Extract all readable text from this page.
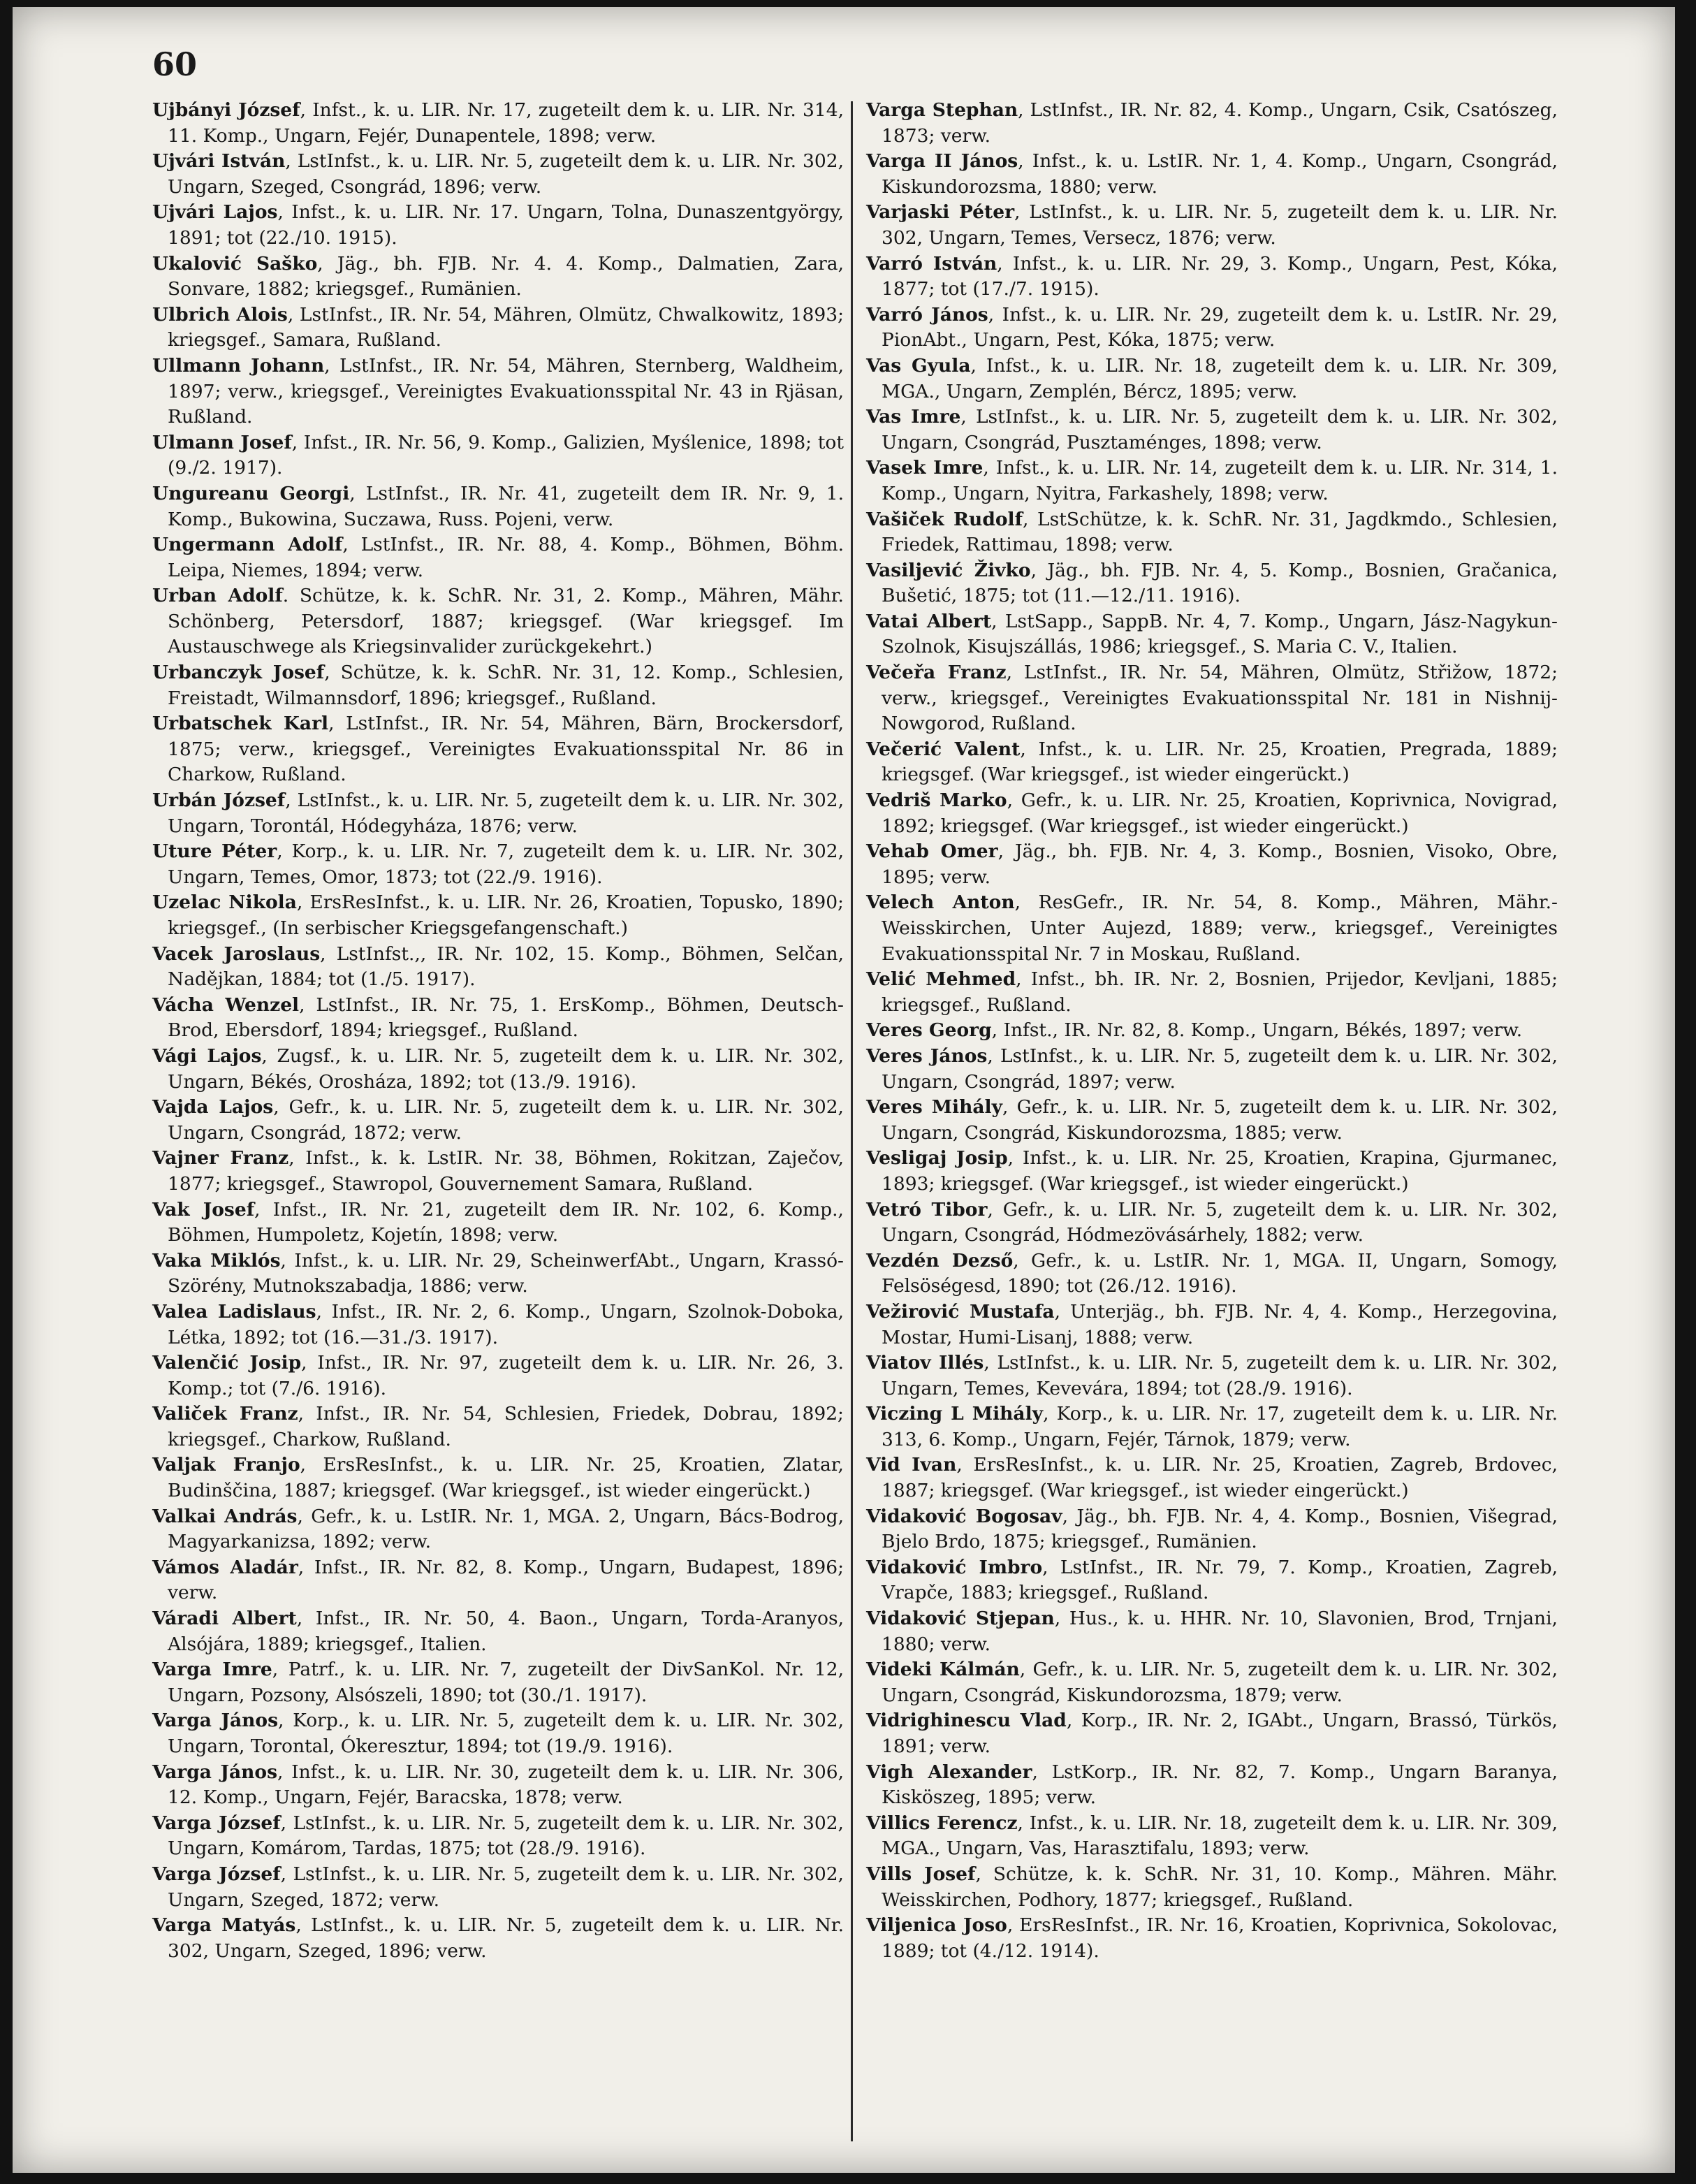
60

Ujbányi József, Infst., k. u. LIR. Nr. 17, zugeteilt dem k. u. LIR. Nr. 314, 11. Komp., Ungarn, Fejér, Dunapentele, 1898; verw.

Ujvári István, LstInfst., k. u. LIR. Nr. 5, zugeteilt dem k. u. LIR. Nr. 302, Ungarn, Szeged, Csongrád, 1896; verw.

Ujvári Lajos, Infst., k. u. LIR. Nr. 17. Ungarn, Tolna, Dunaszentgyörgy, 1891; tot (22./10. 1915).

Ukalović Saško, Jäg., bh. FJB. Nr. 4. 4. Komp., Dalmatien, Zara, Sonvare, 1882; kriegsgef., Rumänien.

Ulbrich Alois, LstInfst., IR. Nr. 54, Mähren, Olmütz, Chwalkowitz, 1893; kriegsgef., Samara, Rußland.

Ullmann Johann, LstInfst., IR. Nr. 54, Mähren, Sternberg, Waldheim, 1897; verw., kriegsgef., Vereinigtes Evakuationsspital Nr. 43 in Rjäsan, Rußland.

Ulmann Josef, Infst., IR. Nr. 56, 9. Komp., Galizien, Myślenice, 1898; tot (9./2. 1917).

Ungureanu Georgi, LstInfst., IR. Nr. 41, zugeteilt dem IR. Nr. 9, 1. Komp., Bukowina, Suczawa, Russ. Pojeni, verw.

Ungermann Adolf, LstInfst., IR. Nr. 88, 4. Komp., Böhmen, Böhm. Leipa, Niemes, 1894; verw.

Urban Adolf. Schütze, k. k. SchR. Nr. 31, 2. Komp., Mähren, Mähr. Schönberg, Petersdorf, 1887; kriegsgef. (War kriegsgef. Im Austauschwege als Kriegsinvalider zurückgekehrt.)

Urbanczyk Josef, Schütze, k. k. SchR. Nr. 31, 12. Komp., Schlesien, Freistadt, Wilmannsdorf, 1896; kriegsgef., Rußland.

Urbatschek Karl, LstInfst., IR. Nr. 54, Mähren, Bärn, Brockersdorf, 1875; verw., kriegsgef., Vereinigtes Evakuationsspital Nr. 86 in Charkow, Rußland.

Urbán József, LstInfst., k. u. LIR. Nr. 5, zugeteilt dem k. u. LIR. Nr. 302, Ungarn, Torontál, Hódegyháza, 1876; verw.

Uture Péter, Korp., k. u. LIR. Nr. 7, zugeteilt dem k. u. LIR. Nr. 302, Ungarn, Temes, Omor, 1873; tot (22./9. 1916).

Uzelac Nikola, ErsResInfst., k. u. LIR. Nr. 26, Kroatien, Topusko, 1890; kriegsgef., (In serbischer Kriegsgefangenschaft.)

Vacek Jaroslaus, LstInfst.,, IR. Nr. 102, 15. Komp., Böhmen, Selčan, Nadějkan, 1884; tot (1./5. 1917).

Vácha Wenzel, LstInfst., IR. Nr. 75, 1. ErsKomp., Böhmen, Deutsch-Brod, Ebersdorf, 1894; kriegsgef., Rußland.

Vági Lajos, Zugsf., k. u. LIR. Nr. 5, zugeteilt dem k. u. LIR. Nr. 302, Ungarn, Békés, Orosháza, 1892; tot (13./9. 1916).

Vajda Lajos, Gefr., k. u. LIR. Nr. 5, zugeteilt dem k. u. LIR. Nr. 302, Ungarn, Csongrád, 1872; verw.

Vajner Franz, Infst., k. k. LstIR. Nr. 38, Böhmen, Rokitzan, Zaječov, 1877; kriegsgef., Stawropol, Gouvernement Samara, Rußland.

Vak Josef, Infst., IR. Nr. 21, zugeteilt dem IR. Nr. 102, 6. Komp., Böhmen, Humpoletz, Kojetín, 1898; verw.

Vaka Miklós, Infst., k. u. LIR. Nr. 29, ScheinwerfAbt., Ungarn, Krassó-Szörény, Mutnokszabadja, 1886; verw.

Valea Ladislaus, Infst., IR. Nr. 2, 6. Komp., Ungarn, Szolnok-Doboka, Létka, 1892; tot (16.—31./3. 1917).

Valenčić Josip, Infst., IR. Nr. 97, zugeteilt dem k. u. LIR. Nr. 26, 3. Komp.; tot (7./6. 1916).

Valiček Franz, Infst., IR. Nr. 54, Schlesien, Friedek, Dobrau, 1892; kriegsgef., Charkow, Rußland.

Valjak Franjo, ErsResInfst., k. u. LIR. Nr. 25, Kroatien, Zlatar, Budinščina, 1887; kriegsgef. (War kriegsgef., ist wieder eingerückt.)

Valkai András, Gefr., k. u. LstIR. Nr. 1, MGA. 2, Ungarn, Bács-Bodrog, Magyarkanizsa, 1892; verw.

Vámos Aladár, Infst., IR. Nr. 82, 8. Komp., Ungarn, Budapest, 1896; verw.

Váradi Albert, Infst., IR. Nr. 50, 4. Baon., Ungarn, Torda-Aranyos, Alsójára, 1889; kriegsgef., Italien.

Varga Imre, Patrf., k. u. LIR. Nr. 7, zugeteilt der DivSanKol. Nr. 12, Ungarn, Pozsony, Alsószeli, 1890; tot (30./1. 1917).

Varga János, Korp., k. u. LIR. Nr. 5, zugeteilt dem k. u. LIR. Nr. 302, Ungarn, Torontal, Ókeresztur, 1894; tot (19./9. 1916).

Varga János, Infst., k. u. LIR. Nr. 30, zugeteilt dem k. u. LIR. Nr. 306, 12. Komp., Ungarn, Fejér, Baracska, 1878; verw.

Varga József, LstInfst., k. u. LIR. Nr. 5, zugeteilt dem k. u. LIR. Nr. 302, Ungarn, Komárom, Tardas, 1875; tot (28./9. 1916).

Varga József, LstInfst., k. u. LIR. Nr. 5, zugeteilt dem k. u. LIR. Nr. 302, Ungarn, Szeged, 1872; verw.

Varga Matyás, LstInfst., k. u. LIR. Nr. 5, zugeteilt dem k. u. LIR. Nr. 302, Ungarn, Szeged, 1896; verw.

Varga Stephan, LstInfst., IR. Nr. 82, 4. Komp., Ungarn, Csik, Csatószeg, 1873; verw.

Varga II János, Infst., k. u. LstIR. Nr. 1, 4. Komp., Ungarn, Csongrád, Kiskundorozsma, 1880; verw.

Varjaski Péter, LstInfst., k. u. LIR. Nr. 5, zugeteilt dem k. u. LIR. Nr. 302, Ungarn, Temes, Versecz, 1876; verw.

Varró István, Infst., k. u. LIR. Nr. 29, 3. Komp., Ungarn, Pest, Kóka, 1877; tot (17./7. 1915).

Varró János, Infst., k. u. LIR. Nr. 29, zugeteilt dem k. u. LstIR. Nr. 29, PionAbt., Ungarn, Pest, Kóka, 1875; verw.

Vas Gyula, Infst., k. u. LIR. Nr. 18, zugeteilt dem k. u. LIR. Nr. 309, MGA., Ungarn, Zemplén, Bércz, 1895; verw.

Vas Imre, LstInfst., k. u. LIR. Nr. 5, zugeteilt dem k. u. LIR. Nr. 302, Ungarn, Csongrád, Pusztaménges, 1898; verw.

Vasek Imre, Infst., k. u. LIR. Nr. 14, zugeteilt dem k. u. LIR. Nr. 314, 1. Komp., Ungarn, Nyitra, Farkashely, 1898; verw.

Vašiček Rudolf, LstSchütze, k. k. SchR. Nr. 31, Jagdkmdo., Schlesien, Friedek, Rattimau, 1898; verw.

Vasiljević Živko, Jäg., bh. FJB. Nr. 4, 5. Komp., Bosnien, Gračanica, Bušetić, 1875; tot (11.—12./11. 1916).

Vatai Albert, LstSapp., SappB. Nr. 4, 7. Komp., Ungarn, Jász-Nagykun-Szolnok, Kisujszállás, 1986; kriegsgef., S. Maria C. V., Italien.

Večeřa Franz, LstInfst., IR. Nr. 54, Mähren, Olmütz, Střižow, 1872; verw., kriegsgef., Vereinigtes Evakuationsspital Nr. 181 in Nishnij-Nowgorod, Rußland.

Večerić Valent, Infst., k. u. LIR. Nr. 25, Kroatien, Pregrada, 1889; kriegsgef. (War kriegsgef., ist wieder eingerückt.)

Vedriš Marko, Gefr., k. u. LIR. Nr. 25, Kroatien, Koprivnica, Novigrad, 1892; kriegsgef. (War kriegsgef., ist wieder eingerückt.)

Vehab Omer, Jäg., bh. FJB. Nr. 4, 3. Komp., Bosnien, Visoko, Obre, 1895; verw.

Velech Anton, ResGefr., IR. Nr. 54, 8. Komp., Mähren, Mähr.-Weisskirchen, Unter Aujezd, 1889; verw., kriegsgef., Vereinigtes Evakuationsspital Nr. 7 in Moskau, Rußland.

Velić Mehmed, Infst., bh. IR. Nr. 2, Bosnien, Prijedor, Kevljani, 1885; kriegsgef., Rußland.

Veres Georg, Infst., IR. Nr. 82, 8. Komp., Ungarn, Békés, 1897; verw.

Veres János, LstInfst., k. u. LIR. Nr. 5, zugeteilt dem k. u. LIR. Nr. 302, Ungarn, Csongrád, 1897; verw.

Veres Mihály, Gefr., k. u. LIR. Nr. 5, zugeteilt dem k. u. LIR. Nr. 302, Ungarn, Csongrád, Kiskundorozsma, 1885; verw.

Vesligaj Josip, Infst., k. u. LIR. Nr. 25, Kroatien, Krapina, Gjurmanec, 1893; kriegsgef. (War kriegsgef., ist wieder eingerückt.)

Vetró Tibor, Gefr., k. u. LIR. Nr. 5, zugeteilt dem k. u. LIR. Nr. 302, Ungarn, Csongrád, Hódmezövásárhely, 1882; verw.

Vezdén Dezső, Gefr., k. u. LstIR. Nr. 1, MGA. II, Ungarn, Somogy, Felsöségesd, 1890; tot (26./12. 1916).

Vežirović Mustafa, Unterjäg., bh. FJB. Nr. 4, 4. Komp., Herzegovina, Mostar, Humi-Lisanj, 1888; verw.

Viatov Illés, LstInfst., k. u. LIR. Nr. 5, zugeteilt dem k. u. LIR. Nr. 302, Ungarn, Temes, Kevevára, 1894; tot (28./9. 1916).

Viczing L Mihály, Korp., k. u. LIR. Nr. 17, zugeteilt dem k. u. LIR. Nr. 313, 6. Komp., Ungarn, Fejér, Tárnok, 1879; verw.

Vid Ivan, ErsResInfst., k. u. LIR. Nr. 25, Kroatien, Zagreb, Brdovec, 1887; kriegsgef. (War kriegsgef., ist wieder eingerückt.)

Vidaković Bogosav, Jäg., bh. FJB. Nr. 4, 4. Komp., Bosnien, Višegrad, Bjelo Brdo, 1875; kriegsgef., Rumänien.

Vidaković Imbro, LstInfst., IR. Nr. 79, 7. Komp., Kroatien, Zagreb, Vrapče, 1883; kriegsgef., Rußland.

Vidaković Stjepan, Hus., k. u. HHR. Nr. 10, Slavonien, Brod, Trnjani, 1880; verw.

Videki Kálmán, Gefr., k. u. LIR. Nr. 5, zugeteilt dem k. u. LIR. Nr. 302, Ungarn, Csongrád, Kiskundorozsma, 1879; verw.

Vidrighinescu Vlad, Korp., IR. Nr. 2, IGAbt., Ungarn, Brassó, Türkös, 1891; verw.

Vigh Alexander, LstKorp., IR. Nr. 82, 7. Komp., Ungarn Baranya, Kisköszeg, 1895; verw.

Villics Ferencz, Infst., k. u. LIR. Nr. 18, zugeteilt dem k. u. LIR. Nr. 309, MGA., Ungarn, Vas, Harasztifalu, 1893; verw.

Vills Josef, Schütze, k. k. SchR. Nr. 31, 10. Komp., Mähren. Mähr. Weisskirchen, Podhory, 1877; kriegsgef., Rußland.

Viljenica Joso, ErsResInfst., IR. Nr. 16, Kroatien, Koprivnica, Sokolovac, 1889; tot (4./12. 1914).
